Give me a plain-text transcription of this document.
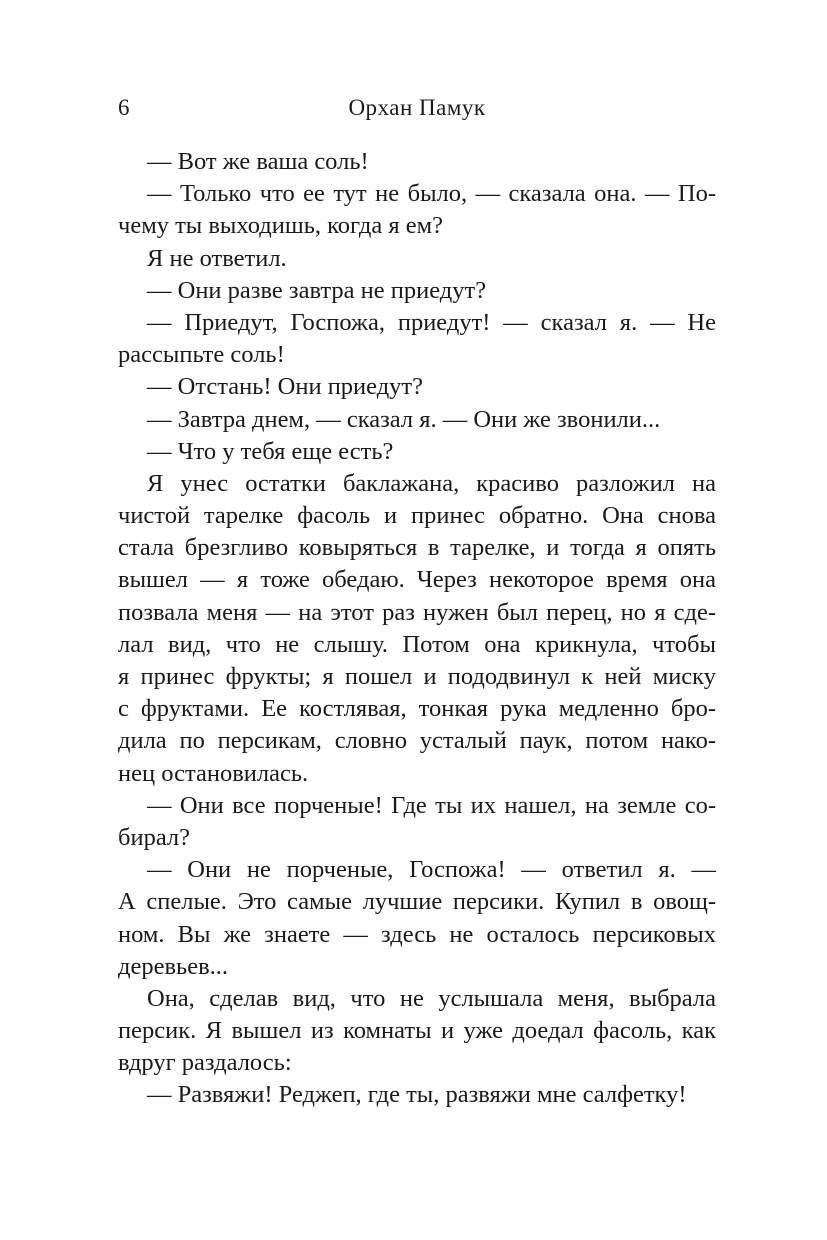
6	Орхан Памук
— Вот же ваша соль!
— Только что ее тут не было, — сказала она. — По-
чему ты выходишь, когда я ем?
Я не ответил.
— Они разве завтра не приедут?
— Приедут, Госпожа, приедут! — сказал я. — Не
рассыпьте соль!
— Отстань! Они приедут?
— Завтра днем, — сказал я. — Они же звонили...
— Что у тебя еще есть?
Я унес остатки баклажана, красиво разложил на
чистой тарелке фасоль и принес обратно. Она снова
стала брезгливо ковыряться в тарелке, и тогда я опять
вышел — я тоже обедаю. Через некоторое время она
позвала меня — на этот раз нужен был перец, но я сде-
лал вид, что не слышу. Потом она крикнула, чтобы
я принес фрукты; я пошел и пододвинул к ней миску
с фруктами. Ее костлявая, тонкая рука медленно бро-
дила по персикам, словно усталый паук, потом нако-
нец остановилась.
— Они все порченые! Где ты их нашел, на земле со-
бирал?
— Они не порченые, Госпожа! — ответил я. —
А спелые. Это самые лучшие персики. Купил в овощ-
ном. Вы же знаете — здесь не осталось персиковых
деревьев...
Она, сделав вид, что не услышала меня, выбрала
персик. Я вышел из комнаты и уже доедал фасоль, как
вдруг раздалось:
— Развяжи! Реджеп, где ты, развяжи мне салфетку!
